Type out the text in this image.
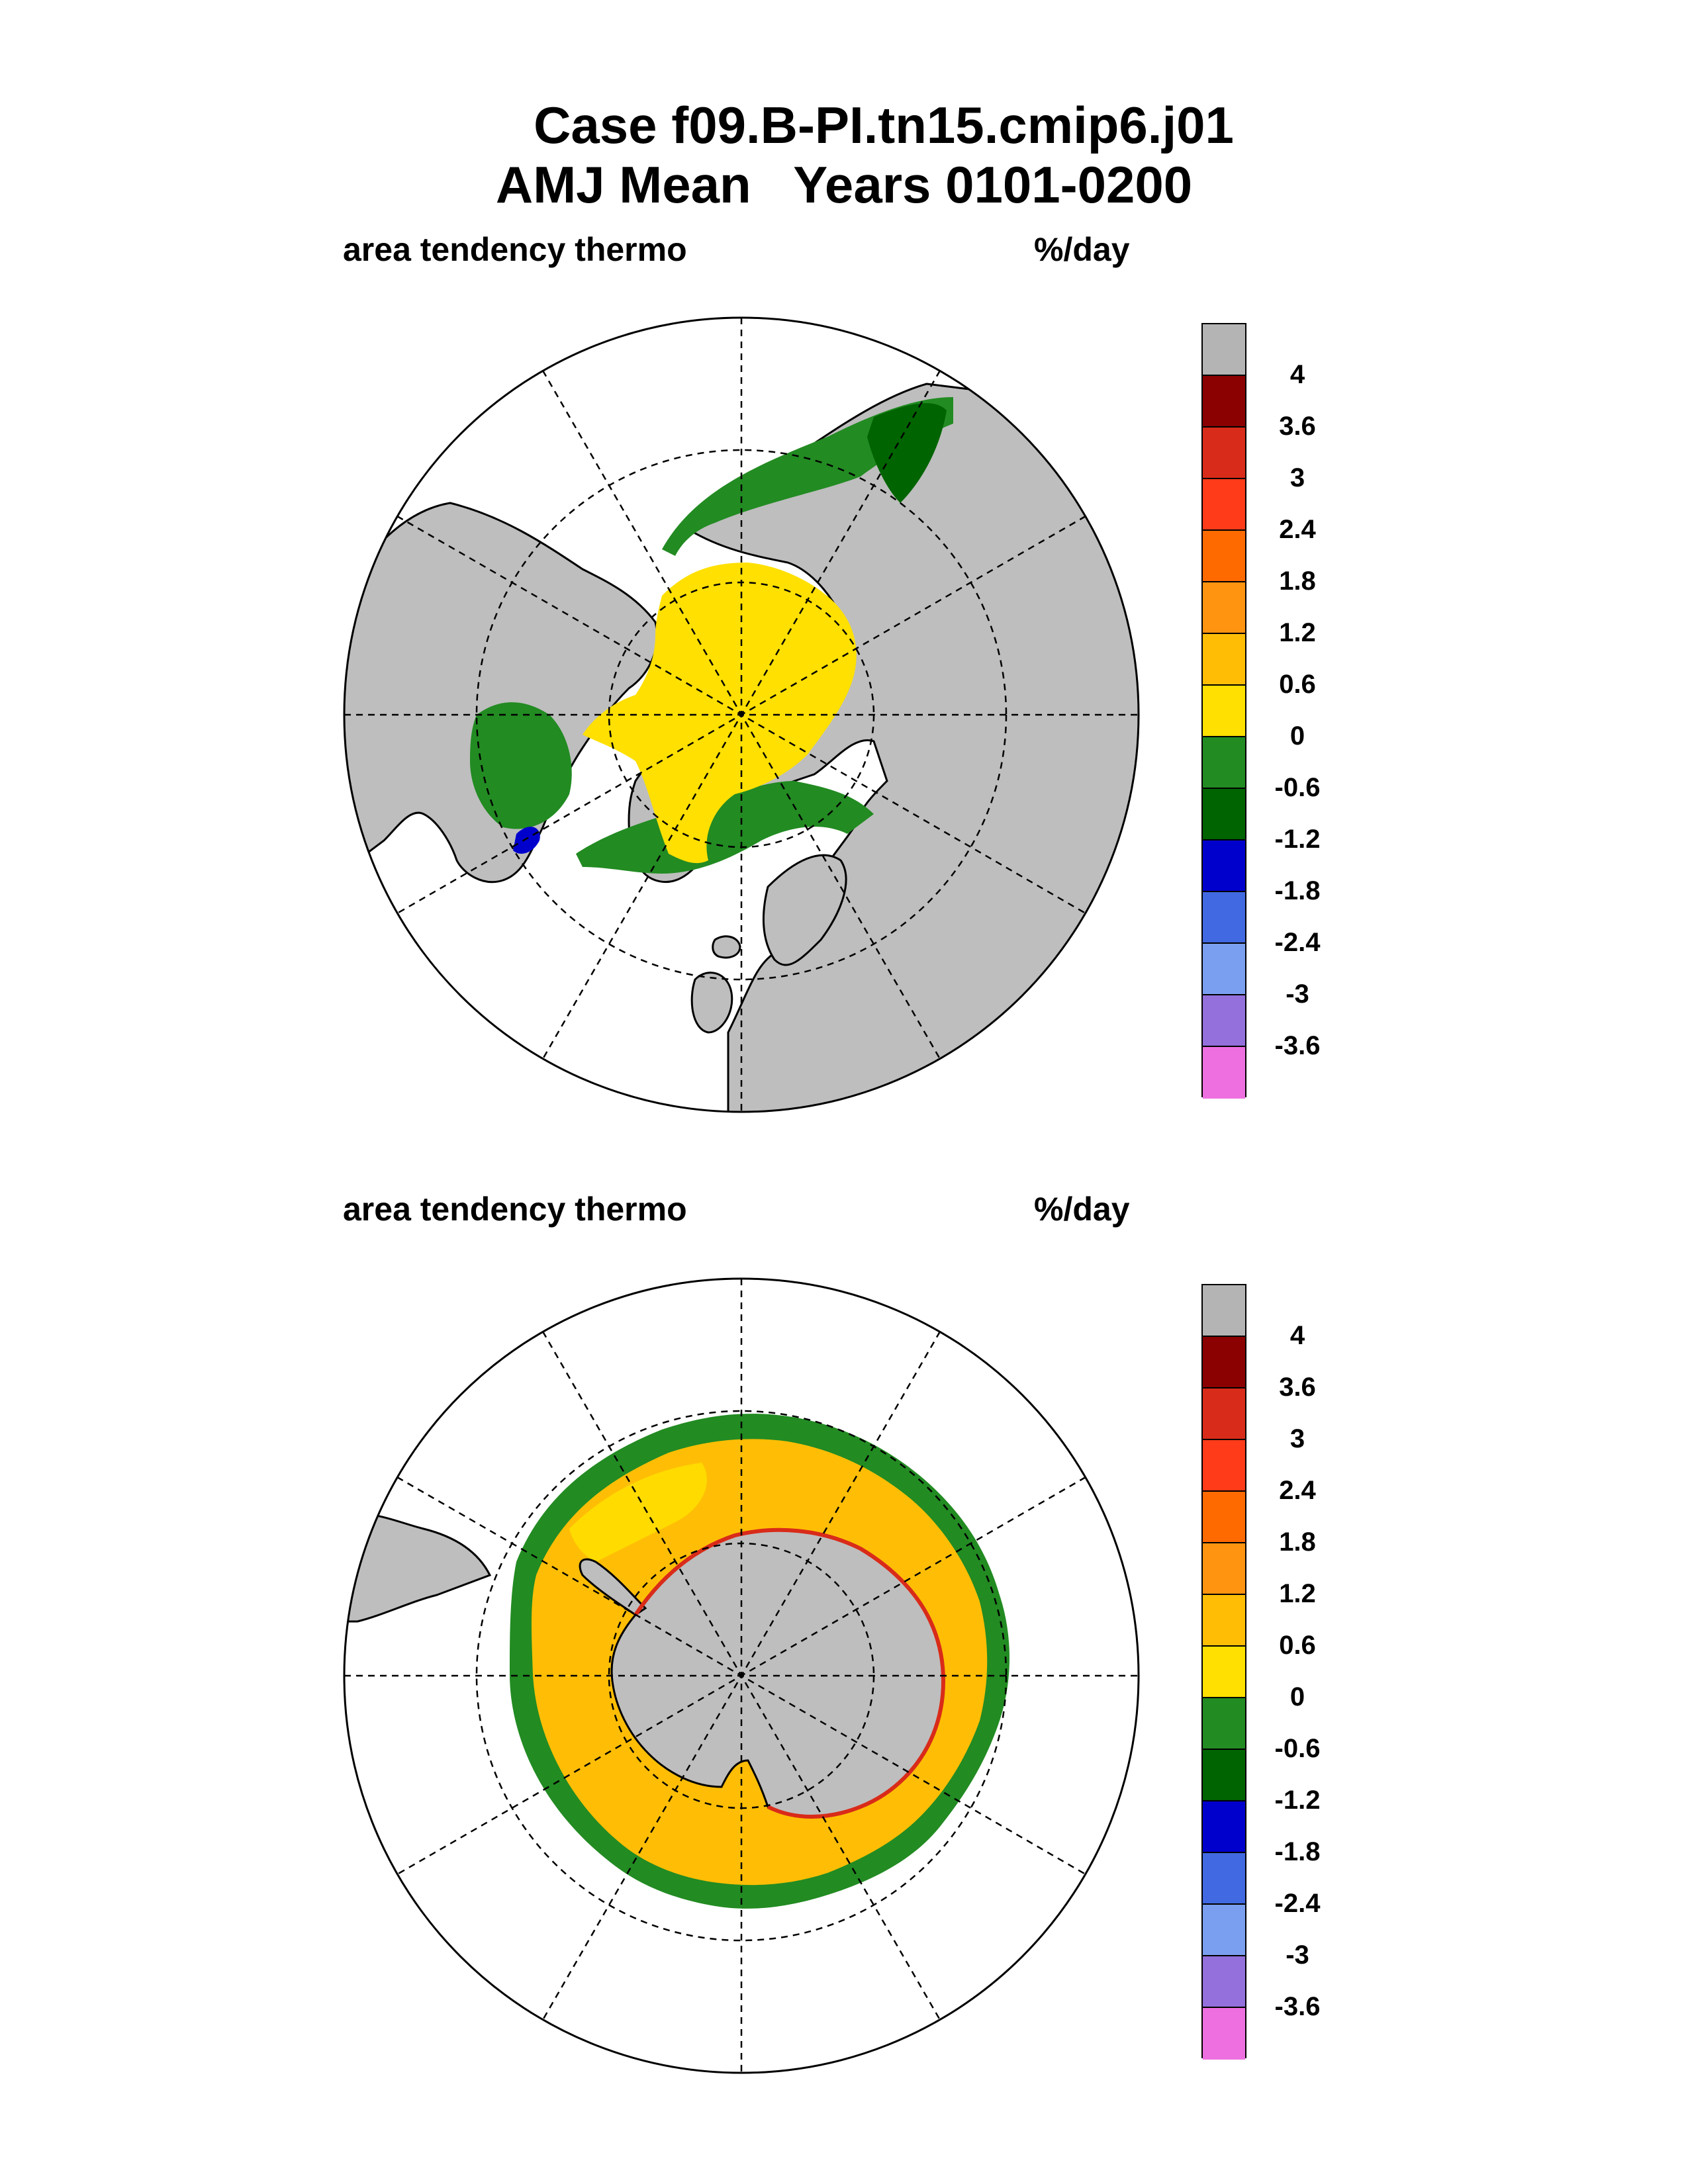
Case f09.B-PI.tn15.cmip6.j01
AMJ Mean   Years 0101-0200
area tendency thermo	%/day
area tendency thermo	%/day
4
3.6
3
2.4
1.8
1.2
0.6
0
-0.6
-1.2
-1.8
-2.4
-3
-3.6
4
3.6
3
2.4
1.8
1.2
0.6
0
-0.6
-1.2
-1.8
-2.4
-3
-3.6
